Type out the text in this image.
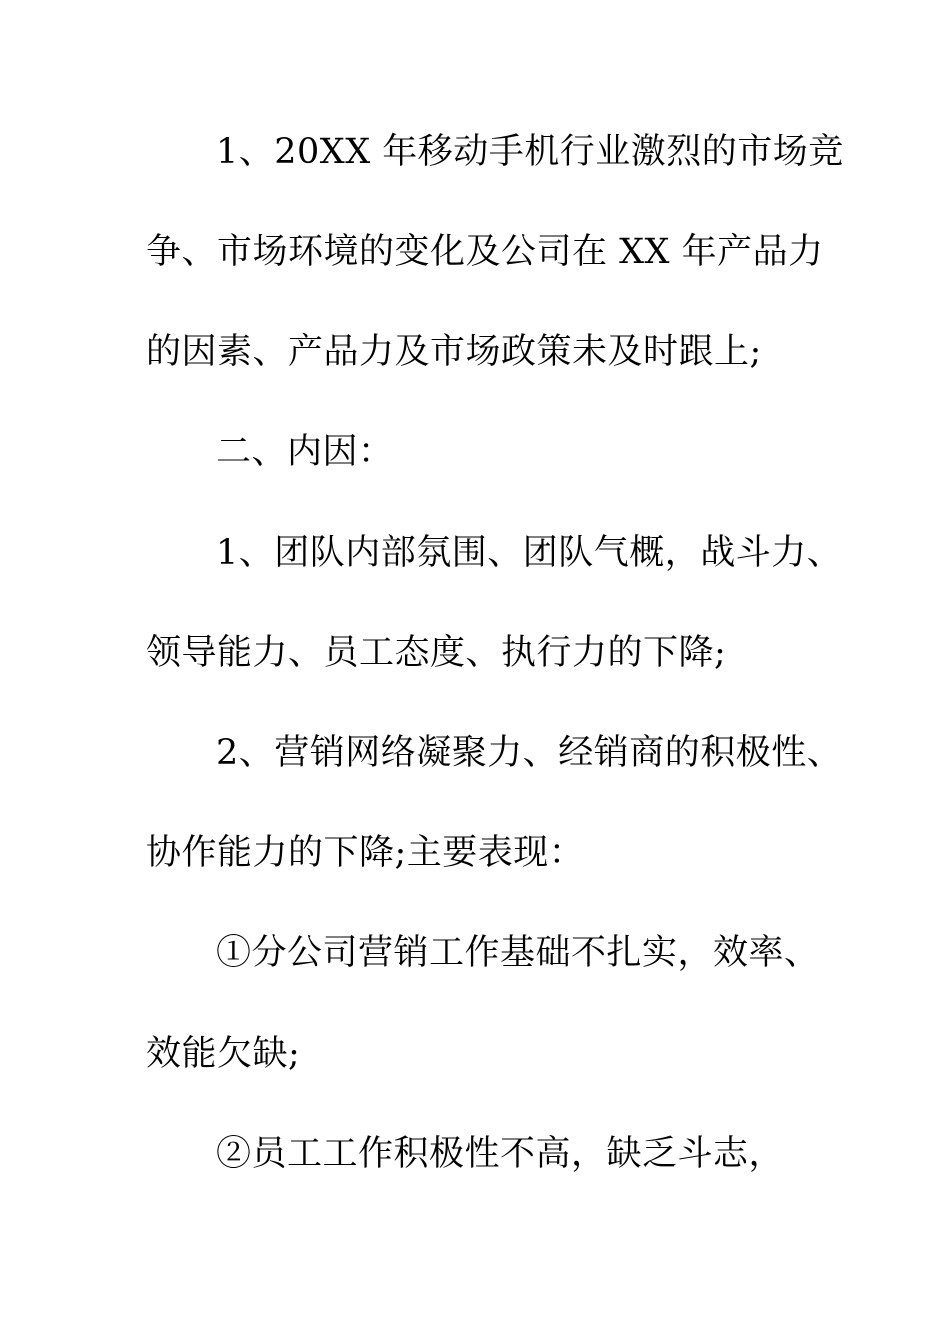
1、20XX 年移动手机行业激烈的市场竞

争、市场环境的变化及公司在 XX 年产品力

的因素、产品力及市场政策未及时跟上;

二、内因：

1、团队内部氛围、团队气概，战斗力、

领导能力、员工态度、执行力的下降;

2、营销网络凝聚力、经销商的积极性、

协作能力的下降;主要表现：

①分公司营销工作基础不扎实，效率、

效能欠缺;

②员工工作积极性不高，缺乏斗志，
